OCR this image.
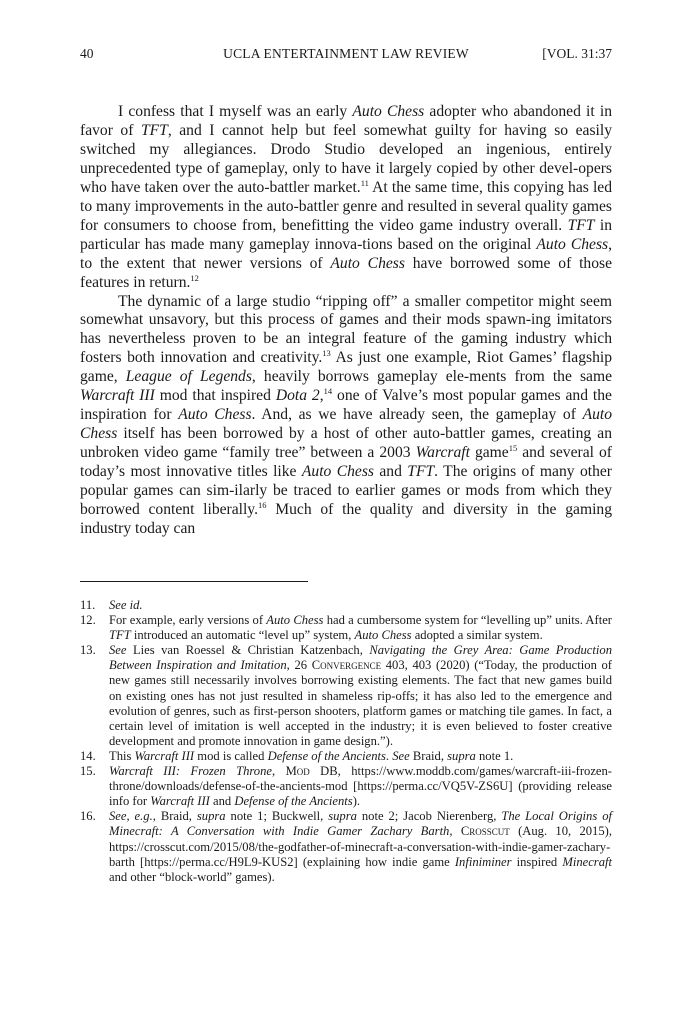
40	UCLA ENTERTAINMENT LAW REVIEW	[VOL. 31:37

I confess that I myself was an early Auto Chess adopter who abandoned it in favor of TFT, and I cannot help but feel somewhat guilty for having so easily switched my allegiances. Drodo Studio developed an ingenious, entirely unprecedented type of gameplay, only to have it largely copied by other devel-opers who have taken over the auto-battler market.$^{11}$ At the same time, this copying has led to many improvements in the auto-battler genre and resulted in several quality games for consumers to choose from, benefitting the video game industry overall. TFT in particular has made many gameplay innova-tions based on the original Auto Chess, to the extent that newer versions of Auto Chess have borrowed some of those features in return.$^{12}$

The dynamic of a large studio “ripping off” a smaller competitor might seem somewhat unsavory, but this process of games and their mods spawn-ing imitators has nevertheless proven to be an integral feature of the gaming industry which fosters both innovation and creativity.$^{13}$ As just one example, Riot Games’ flagship game, League of Legends, heavily borrows gameplay ele-ments from the same Warcraft III mod that inspired Dota 2,14 one of Valve’s most popular games and the inspiration for Auto Chess. And, as we have already seen, the gameplay of Auto Chess itself has been borrowed by a host of other auto-battler games, creating an unbroken video game “family tree” between a 2003 Warcraft game$^{15}$ and several of today’s most innovative titles like Auto Chess and TFT. The origins of many other popular games can sim-ilarly be traced to earlier games or mods from which they borrowed content liberally.$^{16}$ Much of the quality and diversity in the gaming industry today can

11. See id.

12. For example, early versions of Auto Chess had a cumbersome system for “levelling up” units. After TFT introduced an automatic “level up” system, Auto Chess adopted a similar system.

13. See Lies van Roessel & Christian Katzenbach, Navigating the Grey Area: Game Production Between Inspiration and Imitation, 26 Convergence 403, 403 (2020) (“Today, the production of new games still necessarily involves borrowing existing elements. The fact that new games build on existing ones has not just resulted in shameless rip-offs; it has also led to the emergence and evolution of genres, such as first-person shooters, platform games or matching tile games. In fact, a certain level of imitation is well accepted in the industry; it is even believed to foster creative development and promote innovation in game design.”).

14. This Warcraft III mod is called Defense of the Ancients. See Braid, supra note 1.

15. Warcraft III: Frozen Throne, Mod DB, https://www.moddb.com/games/warcraft-iii-frozen-throne/downloads/defense-of-the-ancients-mod [https://perma.cc/VQ5V-ZS6U] (providing release info for Warcraft III and Defense of the Ancients).

16. See, e.g., Braid, supra note 1; Buckwell, supra note 2; Jacob Nierenberg, The Local Origins of Minecraft: A Conversation with Indie Gamer Zachary Barth, Crosscut (Aug. 10, 2015), https://crosscut.com/2015/08/the-godfather-of-minecraft-a-conversation-with-indie-gamer-zachary-barth [https://perma.cc/H9L9-KUS2] (explaining how indie game Infiniminer inspired Minecraft and other “block-world” games).
